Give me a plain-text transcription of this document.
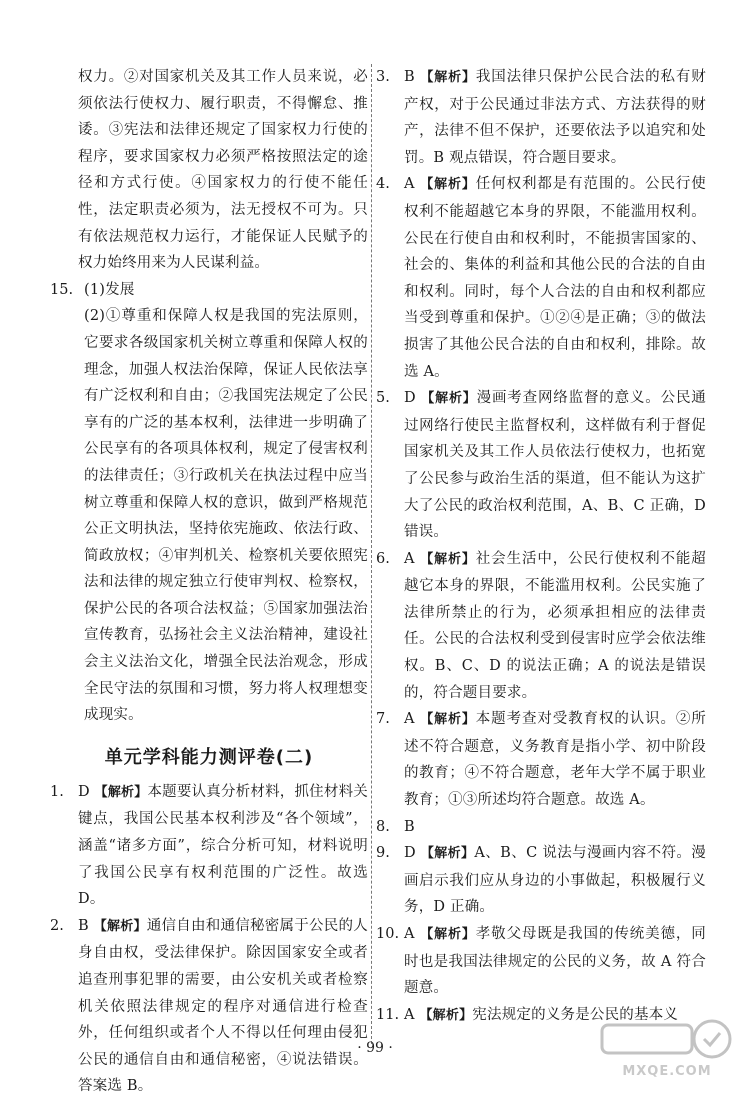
权力。②对国家机关及其工作人员来说，必须依法行使权力、履行职责，不得懈怠、推诿。③宪法和法律还规定了国家权力行使的程序，要求国家权力必须严格按照法定的途径和方式行使。④国家权力的行使不能任性，法定职责必须为，法无授权不可为。只有依法规范权力运行，才能保证人民赋予的权力始终用来为人民谋利益。

15. (1)发展

(2)①尊重和保障人权是我国的宪法原则，它要求各级国家机关树立尊重和保障人权的理念，加强人权法治保障，保证人民依法享有广泛权利和自由；②我国宪法规定了公民享有的广泛的基本权利，法律进一步明确了公民享有的各项具体权利，规定了侵害权利的法律责任；③行政机关在执法过程中应当树立尊重和保障人权的意识，做到严格规范公正文明执法，坚持依宪施政、依法行政、简政放权；④审判机关、检察机关要依照宪法和法律的规定独立行使审判权、检察权，保护公民的各项合法权益；⑤国家加强法治宣传教育，弘扬社会主义法治精神，建设社会主义法治文化，增强全民法治观念，形成全民守法的氛围和习惯，努力将人权理想变成现实。

单元学科能力测评卷(二)
1. D 【解析】本题要认真分析材料，抓住材料关键点，我国公民基本权利涉及“各个领域”，涵盖“诸多方面”，综合分析可知，材料说明了我国公民享有权利范围的广泛性。故选 D。

2. B 【解析】通信自由和通信秘密属于公民的人身自由权，受法律保护。除因国家安全或者追查刑事犯罪的需要，由公安机关或者检察机关依照法律规定的程序对通信进行检查外，任何组织或者个人不得以任何理由侵犯公民的通信自由和通信秘密，④说法错误。答案选 B。

3. B 【解析】我国法律只保护公民合法的私有财产权，对于公民通过非法方式、方法获得的财产，法律不但不保护，还要依法予以追究和处罚。B 观点错误，符合题目要求。

4. A 【解析】任何权利都是有范围的。公民行使权利不能超越它本身的界限，不能滥用权利。公民在行使自由和权利时，不能损害国家的、社会的、集体的利益和其他公民的合法的自由和权利。同时，每个人合法的自由和权利都应当受到尊重和保护。①②④是正确；③的做法损害了其他公民合法的自由和权利，排除。故选 A。

5. D 【解析】漫画考查网络监督的意义。公民通过网络行使民主监督权利，这样做有利于督促国家机关及其工作人员依法行使权力，也拓宽了公民参与政治生活的渠道，但不能认为这扩大了公民的政治权利范围，A、B、C 正确，D 错误。

6. A 【解析】社会生活中，公民行使权利不能超越它本身的界限，不能滥用权利。公民实施了法律所禁止的行为，必须承担相应的法律责任。公民的合法权利受到侵害时应学会依法维权。B、C、D 的说法正确；A 的说法是错误的，符合题目要求。

7. A 【解析】本题考查对受教育权的认识。②所述不符合题意，义务教育是指小学、初中阶段的教育；④不符合题意，老年大学不属于职业教育；①③所述均符合题意。故选 A。

8. B

9. D 【解析】A、B、C 说法与漫画内容不符。漫画启示我们应从身边的小事做起，积极履行义务，D 正确。

10. A 【解析】孝敬父母既是我国的传统美德，同时也是我国法律规定的公民的义务，故 A 符合题意。

11. A 【解析】宪法规定的义务是公民的基本义

· 99 ·
MXQE.COM
